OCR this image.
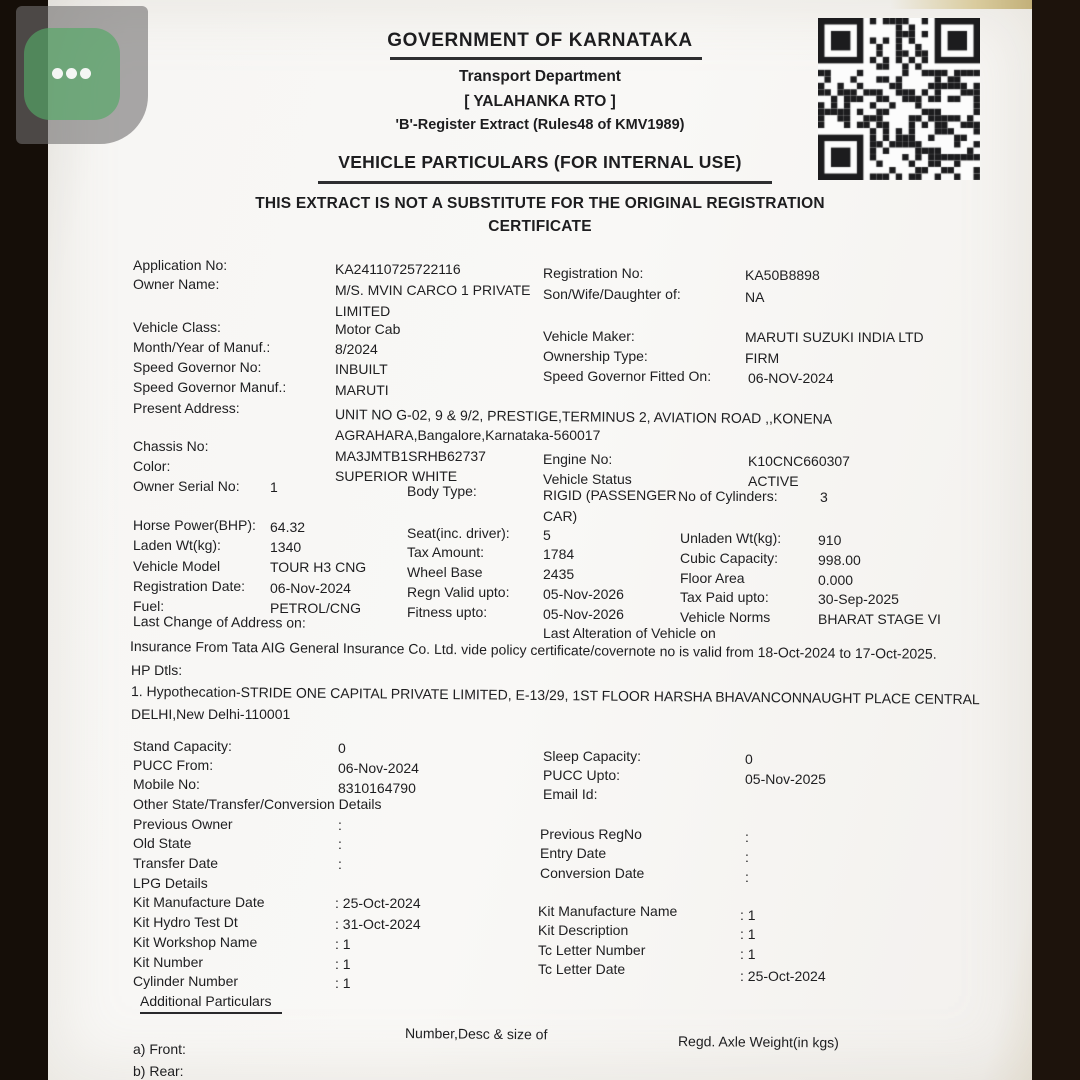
GOVERNMENT OF KARNATAKA
Transport Department
[ YALAHANKA RTO ]
'B'-Register Extract (Rules48 of KMV1989)
VEHICLE PARTICULARS (FOR INTERNAL USE)
THIS EXTRACT IS NOT A SUBSTITUTE FOR THE ORIGINAL REGISTRATION
CERTIFICATE
Application No:	KA24110725722116	Registration No:	KA50B8898
Owner Name:	M/S. MVIN CARCO 1 PRIVATE
LIMITED
Son/Wife/Daughter of:	NA
Vehicle Class:	Motor Cab	Vehicle Maker:	MARUTI SUZUKI INDIA LTD
Month/Year of Manuf.:	8/2024	Ownership Type:	FIRM
Speed Governor No:	INBUILT	Speed Governor Fitted On:	06-NOV-2024
Speed Governor Manuf.:	MARUTI
Present Address:	UNIT NO G-02, 9 & 9/2, PRESTIGE,TERMINUS 2, AVIATION ROAD ,,KONENA
AGRAHARA,Bangalore,Karnataka-560017
Chassis No:
MA3JMTB1SRHB62737	Engine No:	K10CNC660307
Color:
SUPERIOR WHITE	Vehicle Status	ACTIVE
Owner Serial No: 1	Body Type:	RIGID (PASSENGER
CAR)
No of Cylinders:	3
Horse Power(BHP): 64.32
Laden Wt(kg):	1340
Vehicle Model	TOUR H3 CNG
Registration Date: 06-Nov-2024
Fuel:	PETROL/CNG
Seat(inc. driver): 5
Tax Amount:	1784
Wheel Base	2435
Regn Valid upto: 05-Nov-2026
Fitness upto:	05-Nov-2026
Unladen Wt(kg):	910
Cubic Capacity:	998.00
Floor Area	0.000
Tax Paid upto:	30-Sep-2025
Vehicle Norms	BHARAT STAGE VI
Last Change of Address on:
Last Alteration of Vehicle on
Insurance From Tata AIG General Insurance Co. Ltd. vide policy certificate/covernote no is valid from 18-Oct-2024 to 17-Oct-2025.
HP Dtls:
1. Hypothecation-STRIDE ONE CAPITAL PRIVATE LIMITED, E-13/29, 1ST FLOOR HARSHA BHAVANCONNAUGHT PLACE CENTRAL
DELHI,New Delhi-110001
Stand Capacity:	0	Sleep Capacity:	0
PUCC From:	06-Nov-2024	PUCC Upto:	05-Nov-2025
Mobile No:	8310164790	Email Id:
Other State/Transfer/Conversion Details
Previous Owner	:
Previous RegNo	:
Old State	:
Entry Date	:
Transfer Date	:
Conversion Date	:
LPG Details
Kit Manufacture Date	: 25-Oct-2024	Kit Manufacture Name	: 1
Kit Hydro Test Dt	: 31-Oct-2024	Kit Description	: 1
Kit Workshop Name	: 1	Tc Letter Number	: 1
Kit Number	: 1	Tc Letter Date	: 25-Oct-2024
Cylinder Number	: 1
Additional Particulars
Number,Desc & size of	Regd. Axle Weight(in kgs)
a) Front:
b) Rear:
